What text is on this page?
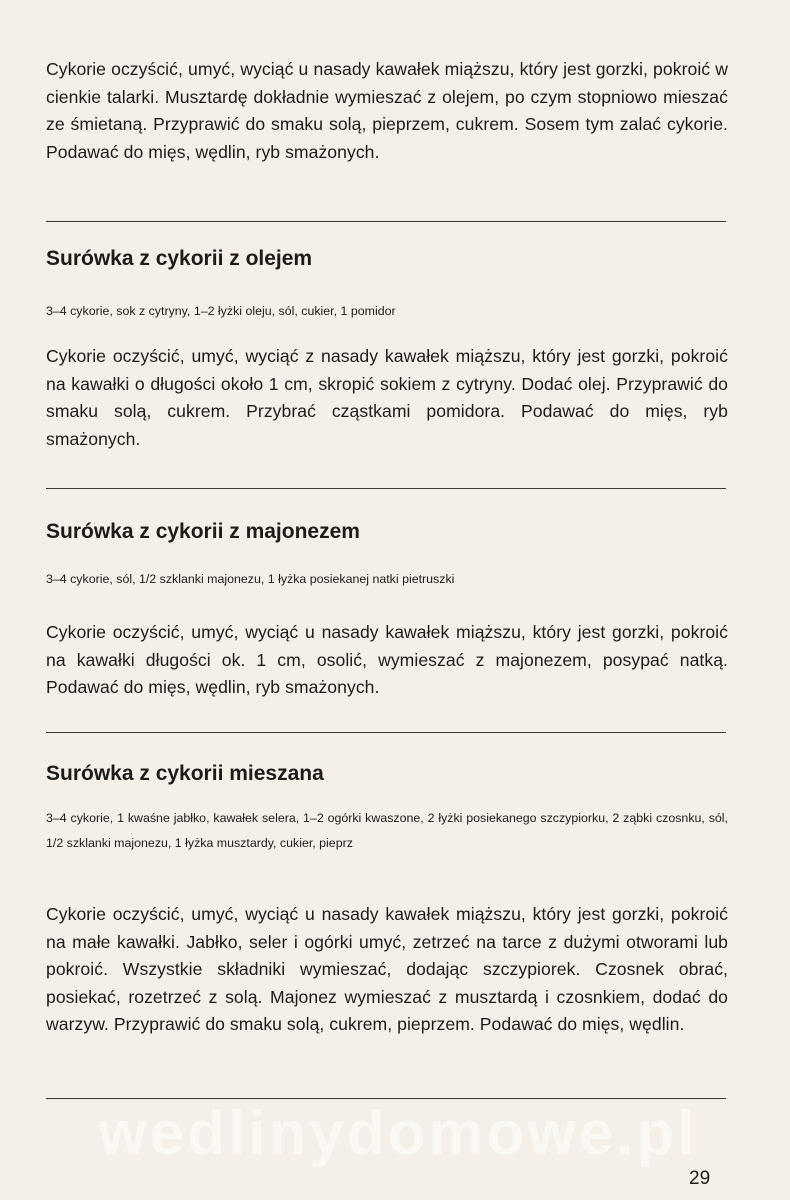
Cykorie oczyścić, umyć, wyciąć u nasady kawałek miąższu, który jest gorzki, pokroić w cienkie talarki. Musztardę dokładnie wymieszać z olejem, po czym stopniowo mieszać ze śmietaną. Przyprawić do smaku solą, pieprzem, cukrem. Sosem tym zalać cykorie. Podawać do mięs, wędlin, ryb smażonych.

Surówka z cykorii z olejem

3–4 cykorie, sok z cytryny, 1–2 łyżki oleju, sól, cukier, 1 pomidor

Cykorie oczyścić, umyć, wyciąć z nasady kawałek miąższu, który jest gorzki, pokroić na kawałki o długości około 1 cm, skropić sokiem z cytryny. Dodać olej. Przyprawić do smaku solą, cukrem. Przybrać cząstkami pomidora. Podawać do mięs, ryb smażonych.

Surówka z cykorii z majonezem

3–4 cykorie, sól, 1/2 szklanki majonezu, 1 łyżka posiekanej natki pietruszki

Cykorie oczyścić, umyć, wyciąć u nasady kawałek miąższu, który jest gorzki, pokroić na kawałki długości ok. 1 cm, osolić, wymieszać z majonezem, posypać natką. Podawać do mięs, wędlin, ryb smażonych.

Surówka z cykorii mieszana

3–4 cykorie, 1 kwaśne jabłko, kawałek selera, 1–2 ogórki kwaszone, 2 łyżki posiekanego szczypiorku, 2 ząbki czosnku, sól, 1/2 szklanki majonezu, 1 łyżka musztardy, cukier, pieprz

Cykorie oczyścić, umyć, wyciąć u nasady kawałek miąższu, który jest gorzki, pokroić na małe kawałki. Jabłko, seler i ogórki umyć, zetrzeć na tarce z dużymi otworami lub pokroić. Wszystkie składniki wymieszać, dodając szczypiorek. Czosnek obrać, posiekać, rozetrzeć z solą. Majonez wymieszać z musztardą i czosnkiem, dodać do warzyw. Przyprawić do smaku solą, cukrem, pieprzem. Podawać do mięs, wędlin.

wedlinydomowe.pl

29
